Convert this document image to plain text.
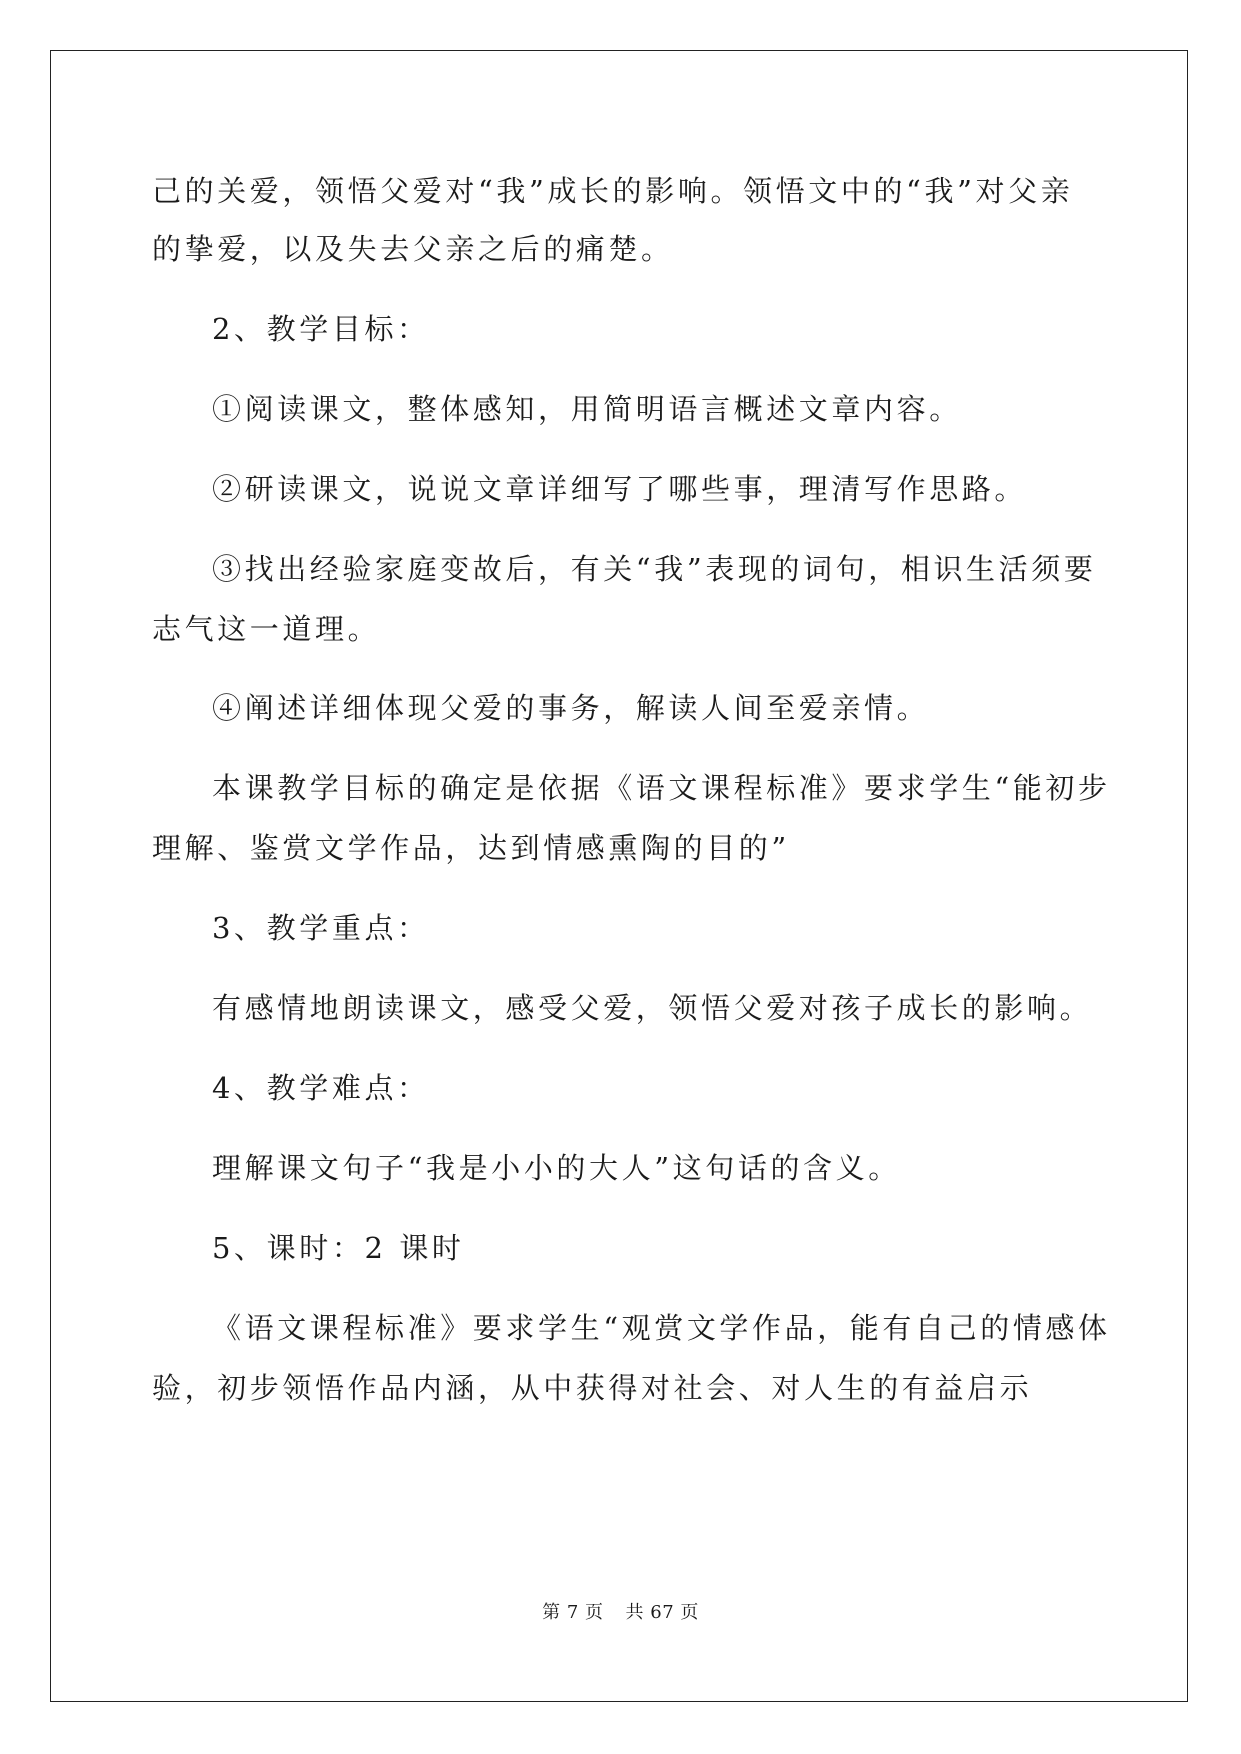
己的关爱，领悟父爱对“我”成长的影响。领悟文中的“我”对父亲
的挚爱，以及失去父亲之后的痛楚。
2、教学目标：
①阅读课文，整体感知，用简明语言概述文章内容。
②研读课文，说说文章详细写了哪些事，理清写作思路。
③找出经验家庭变故后，有关“我”表现的词句，相识生活须要
志气这一道理。
④阐述详细体现父爱的事务，解读人间至爱亲情。
本课教学目标的确定是依据《语文课程标准》要求学生“能初步
理解、鉴赏文学作品，达到情感熏陶的目的”
3、教学重点：
有感情地朗读课文，感受父爱，领悟父爱对孩子成长的影响。
4、教学难点：
理解课文句子“我是小小的大人”这句话的含义。
5、课时：2 课时
《语文课程标准》要求学生“观赏文学作品，能有自己的情感体
验，初步领悟作品内涵，从中获得对社会、对人生的有益启示
第 7 页 共 67 页
